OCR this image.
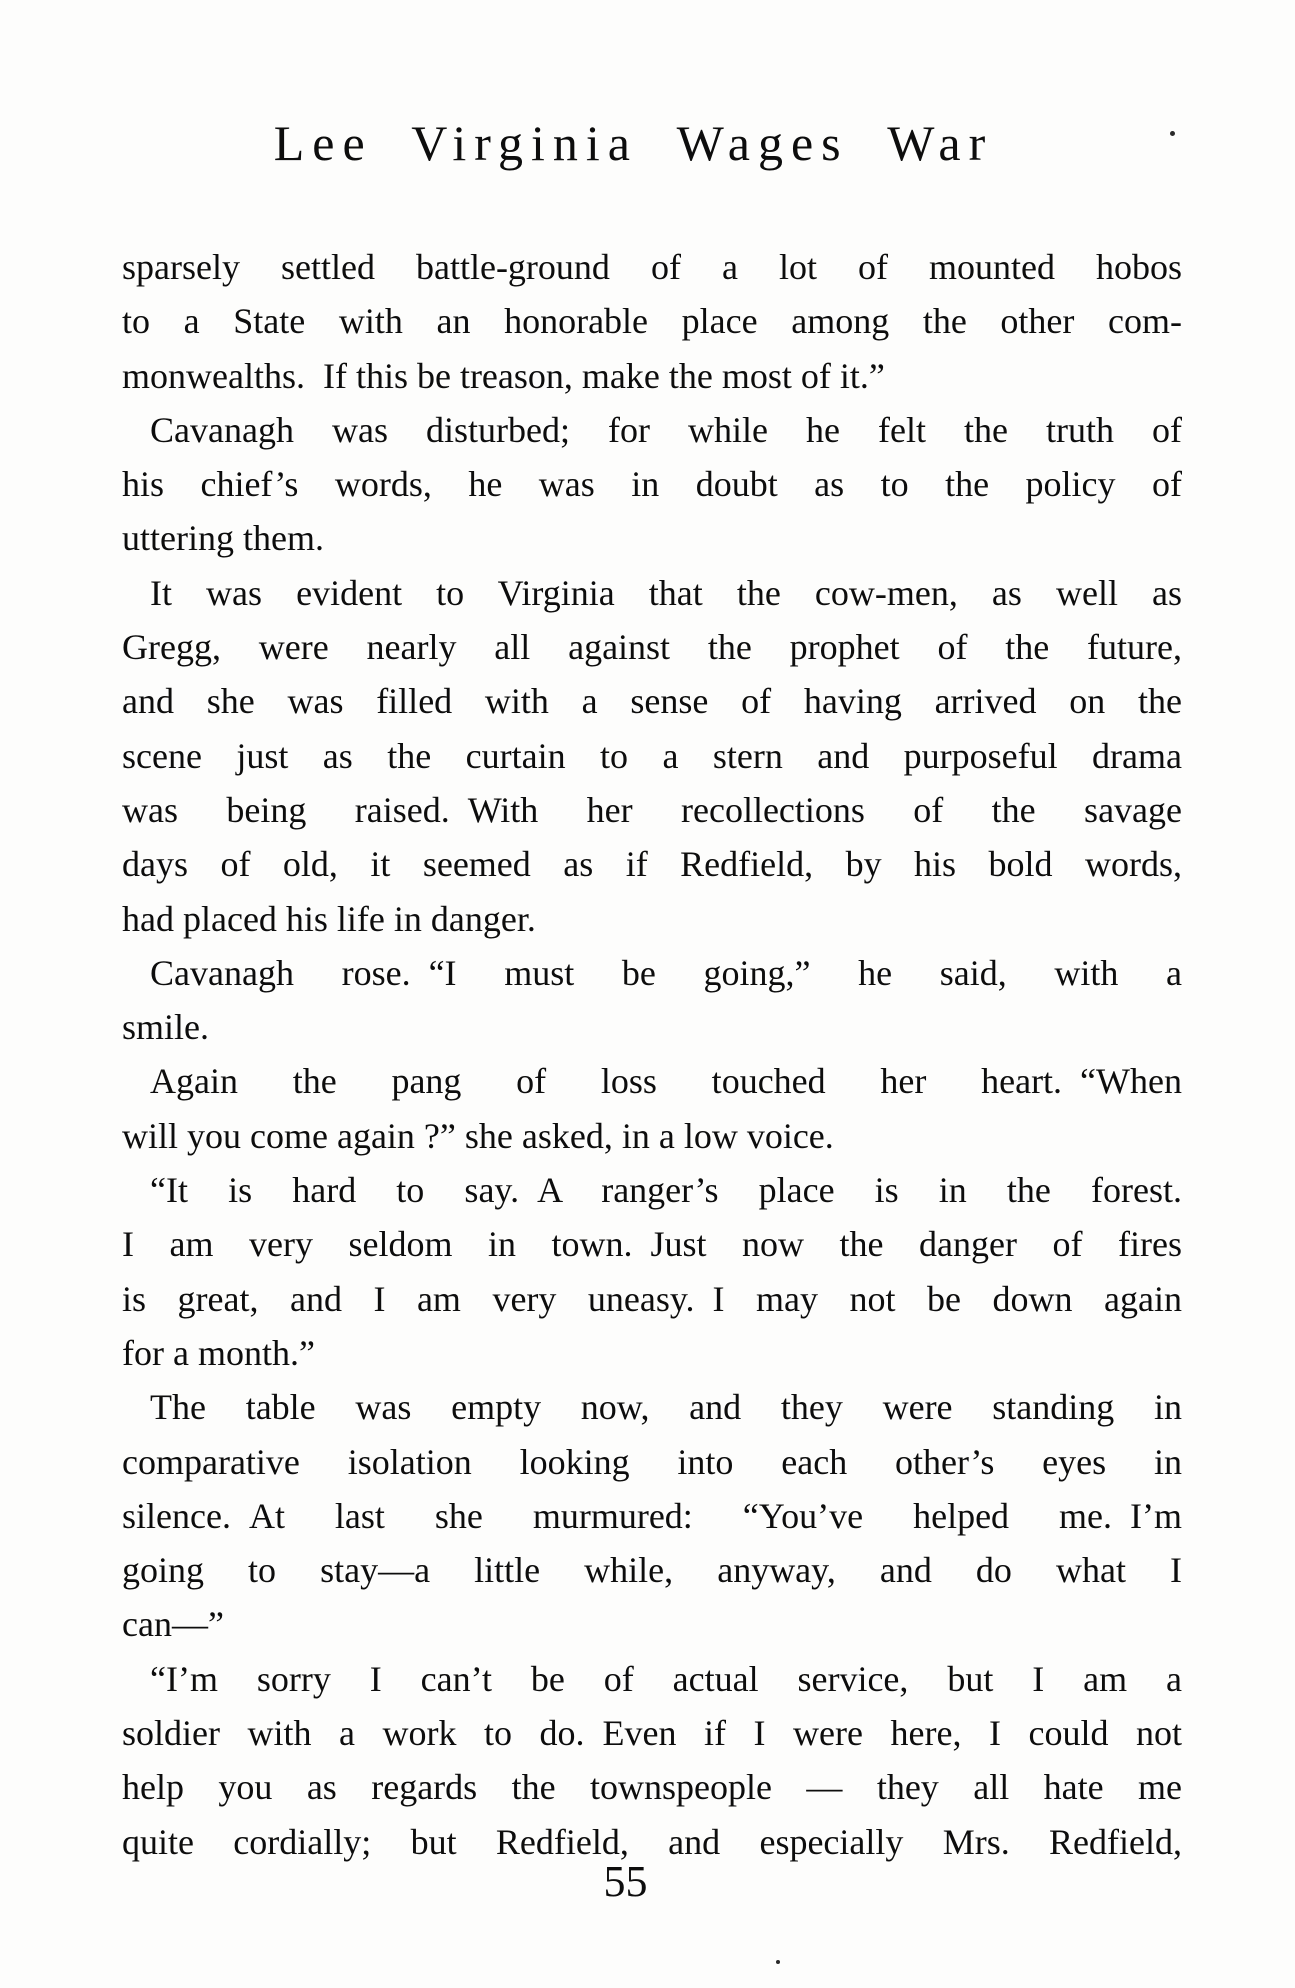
Lee Virginia Wages War
sparsely settled battle-ground of a lot of mounted hobos
to a State with an honorable place among the other com-
monwealths. If this be treason, make the most of it.”
Cavanagh was disturbed; for while he felt the truth of
his chief’s words, he was in doubt as to the policy of
uttering them.
It was evident to Virginia that the cow-men, as well as
Gregg, were nearly all against the prophet of the future,
and she was filled with a sense of having arrived on the
scene just as the curtain to a stern and purposeful drama
was being raised. With her recollections of the savage
days of old, it seemed as if Redfield, by his bold words,
had placed his life in danger.
Cavanagh rose. “I must be going,” he said, with a
smile.
Again the pang of loss touched her heart. “When
will you come again ?” she asked, in a low voice.
“It is hard to say. A ranger’s place is in the forest.
I am very seldom in town. Just now the danger of fires
is great, and I am very uneasy. I may not be down again
for a month.”
The table was empty now, and they were standing in
comparative isolation looking into each other’s eyes in
silence. At last she murmured: “You’ve helped me. I’m
going to stay—a little while, anyway, and do what I
can—”
“I’m sorry I can’t be of actual service, but I am a
soldier with a work to do. Even if I were here, I could not
help you as regards the townspeople — they all hate me
quite cordially; but Redfield, and especially Mrs. Redfield,
55
